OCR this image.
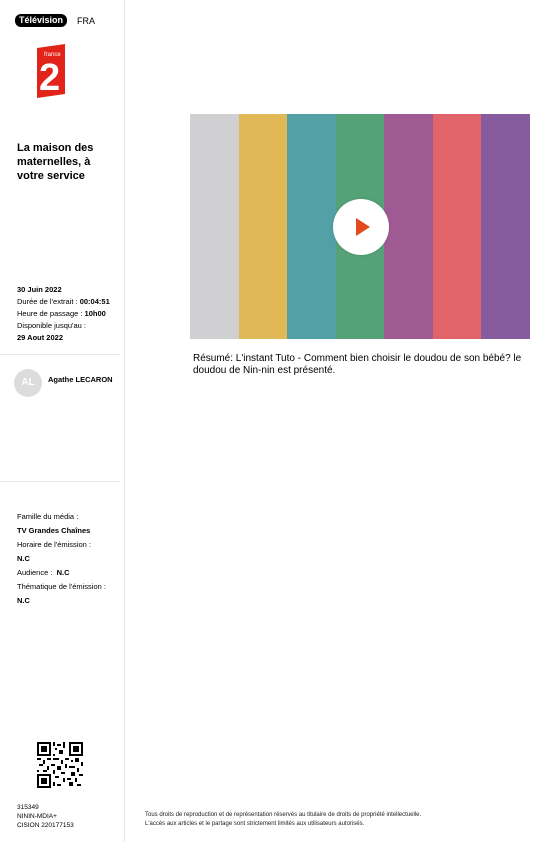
Télévision	FRA
france
2
La maison des maternelles, à votre service
30 Juin 2022
Durée de l'extrait : 00:04:51
Heure de passage : 10h00
Disponible jusqu'au :
29 Aout 2022
AL	Agathe LECARON
Famille du média :
TV Grandes Chaînes
Horaire de l'émission :
N.C
Audience : N.C
Thématique de l'émission :
N.C
315349
NININ-MDIA+
CISION 220177153
Résumé: L'instant Tuto - Comment bien choisir le doudou de son bébé? le doudou de Nin-nin est présenté.
Tous droits de reproduction et de représentation réservés au titulaire de droits de propriété intellectuelle.
L'accès aux articles et le partage sont strictement limités aux utilisateurs autorisés.
